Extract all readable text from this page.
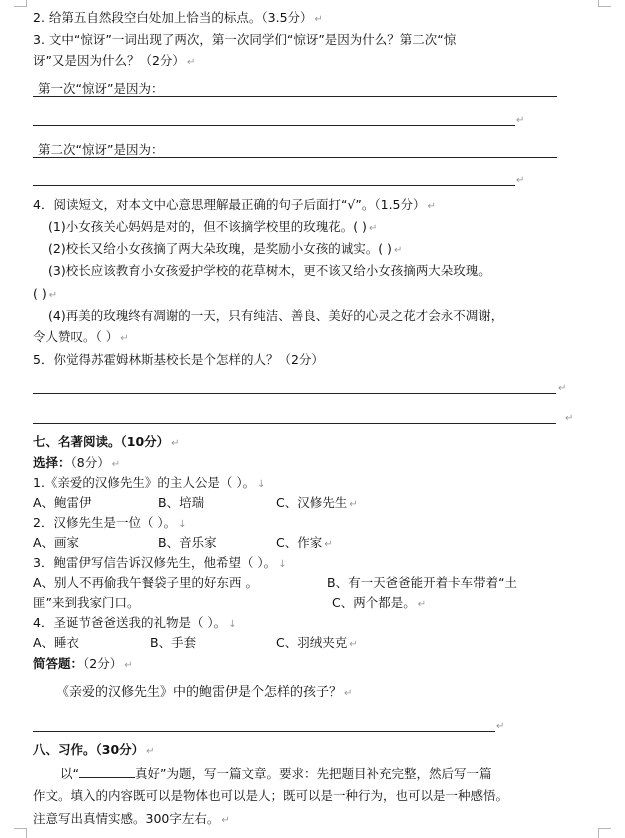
2. 给第五自然段空白处加上恰当的标点。（3.5分） ↵
3. 文中“惊讶”一词出现了两次，第一次同学们“惊讶”是因为什么？第二次“惊
讶”又是因为什么？（2分） ↵
第一次“惊讶”是因为：
↵
第二次“惊讶”是因为：
↵
4．阅读短文，对本文中心意思理解最正确的句子后面打“√”。（1.5分） ↵
(1)小女孩关心妈妈是对的，但不该摘学校里的玫瑰花。( ) ↵
(2)校长又给小女孩摘了两大朵玫瑰，是奖励小女孩的诚实。( ) ↵
(3)校长应该教育小女孩爱护学校的花草树木，更不该又给小女孩摘两大朵玫瑰。
( ) ↵
(4)再美的玫瑰终有凋谢的一天，只有纯洁、善良、美好的心灵之花才会永不凋谢，
令人赞叹。（ ） ↵
5．你觉得苏霍姆林斯基校长是个怎样的人？（2分）
↵
↵
七、名著阅读。（10分） ↵
选择：（8分） ↵
1.《亲爱的汉修先生》的主人公是（ ）。 ↓
A、鲍雷伊	B、培瑞	C、汉修先生 ↵
2．汉修先生是一位（ ）。 ↓
A、画家	B、音乐家	C、作家 ↵
3．鲍雷伊写信告诉汉修先生，他希望（ ）。 ↓
A、别人不再偷我午餐袋子里的好东西 。	B、有一天爸爸能开着卡车带着“土
匪”来到我家门口。	C、两个都是。 ↵
4．圣诞节爸爸送我的礼物是（ ）。 ↓
A、睡衣	B、手套	C、羽绒夹克 ↵
简答题：（2分） ↵
《亲爱的汉修先生》中的鲍雷伊是个怎样的孩子？ ↵
↵
八、习作。（30分） ↵
以“	真好”为题，写一篇文章。要求：先把题目补充完整，然后写一篇
作文。填入的内容既可以是物体也可以是人；既可以是一种行为，也可以是一种感悟。
注意写出真情实感。300字左右。 ↵
